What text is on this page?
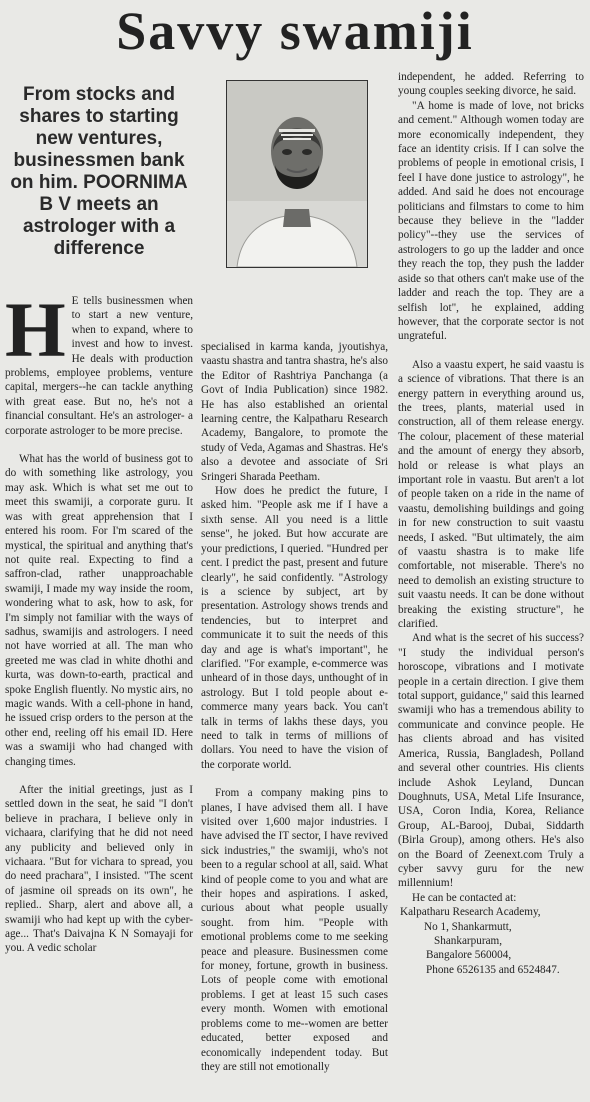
Savvy swamiji
From stocks and shares to starting new ventures, businessmen bank on him. POORNIMA B V meets an astrologer with a difference

H E tells businessmen when to start a new venture, when to expand, where to invest and how to invest. He deals with production problems, employee problems, venture capital, mergers--he can tackle anything with great ease. But no, he's not a financial consultant. He's an astrologer- a corporate astrologer to be more precise.

What has the world of business got to do with something like astrology, you may ask. Which is what set me out to meet this swamiji, a corporate guru. It was with great apprehension that I entered his room. For I'm scared of the mystical, the spiritual and anything that's not quite real. Expecting to find a saffron-clad, rather unapproachable swamiji, I made my way inside the room, wondering what to ask, how to ask, for I'm simply not familiar with the ways of sadhus, swamijis and astrologers. I need not have worried at all. The man who greeted me was clad in white dhothi and kurta, was down-to-earth, practical and spoke English fluently. No mystic airs, no magic wands. With a cell-phone in hand, he issued crisp orders to the person at the other end, reeling off his email ID. Here was a swamiji who had changed with changing times.

After the initial greetings, just as I settled down in the seat, he said "I don't believe in prachara, I believe only in vichaara, clarifying that he did not need any publicity and believed only in vichaara. "But for vichara to spread, you do need prachara", I insisted. "The scent of jasmine oil spreads on its own", he replied.. Sharp, alert and above all, a swamiji who had kept up with the cyber-age... That's Daivajna K N Somayaji for you. A vedic scholar

specialised in karma kanda, jyoutishya, vaastu shastra and tantra shastra, he's also the Editor of Rashtriya Panchanga (a Govt of India Publication) since 1982. He has also established an oriental learning centre, the Kalpatharu Research Academy, Bangalore, to promote the study of Veda, Agamas and Shastras. He's also a devotee and associate of Sri Sringeri Sharada Peetham.

How does he predict the future, I asked him. "People ask me if I have a sixth sense. All you need is a little sense", he joked. But how accurate are your predictions, I queried. "Hundred per cent. I predict the past, present and future clearly", he said confidently. "Astrology is a science by subject, art by presentation. Astrology shows trends and tendencies, but to interpret and communicate it to suit the needs of this day and age is what's important", he clarified. "For example, e-commerce was unheard of in those days, unthought of in astrology. But I told people about e-commerce many years back. You can't talk in terms of lakhs these days, you need to talk in terms of millions of dollars. You need to have the vision of the corporate world.

From a company making pins to planes, I have advised them all. I have visited over 1,600 major industries. I have advised the IT sector, I have revived sick industries," the swamiji, who's not been to a regular school at all, said. What kind of people come to you and what are their hopes and aspirations. I asked, curious about what people usually sought. from him. "People with emotional problems come to me seeking peace and pleasure. Businessmen come for money, fortune, growth in business. Lots of people come with emotional problems. I get at least 15 such cases every month. Women with emotional problems come to me--women are better educated, better exposed and economically independent today. But they are still not emotionally

independent, he added. Referring to young couples seeking divorce, he said.

"A home is made of love, not bricks and cement." Although women today are more economically independent, they face an identity crisis. If I can solve the problems of people in emotional crisis, I feel I have done justice to astrology", he added. And said he does not encourage politicians and filmstars to come to him because they believe in the "ladder policy"--they use the services of astrologers to go up the ladder and once they reach the top, they push the ladder aside so that others can't make use of the ladder and reach the top. They are a selfish lot", he explained, adding however, that the corporate sector is not ungrateful.

Also a vaastu expert, he said vaastu is a science of vibrations. That there is an energy pattern in everything around us, the trees, plants, material used in construction, all of them release energy. The colour, placement of these material and the amount of energy they absorb, hold or release is what plays an important role in vaastu. But aren't a lot of people taken on a ride in the name of vaastu, demolishing buildings and going in for new construction to suit vaastu needs, I asked. "But ultimately, the aim of vaastu shastra is to make life comfortable, not miserable. There's no need to demolish an existing structure to suit vaastu needs. It can be done without breaking the existing structure", he clarified.

And what is the secret of his success? "I study the individual person's horoscope, vibrations and I motivate people in a certain direction. I give them total support, guidance," said this learned swamiji who has a tremendous ability to communicate and convince people. He has clients abroad and has visited America, Russia, Bangladesh, Polland and several other countries. His clients include Ashok Leyland, Duncan Doughnuts, USA, Metal Life Insurance, USA, Coron India, Korea, Reliance Group, AL-Barooj, Dubai, Siddarth (Birla Group), among others. He's also on the Board of Zeenext.com Truly a cyber savvy guru for the new millennium!

He can be contacted at:

Kalpatharu Research Academy,
No 1, Shankarmutt,
Shankarpuram,
Bangalore 560004,
Phone 6526135 and 6524847.
